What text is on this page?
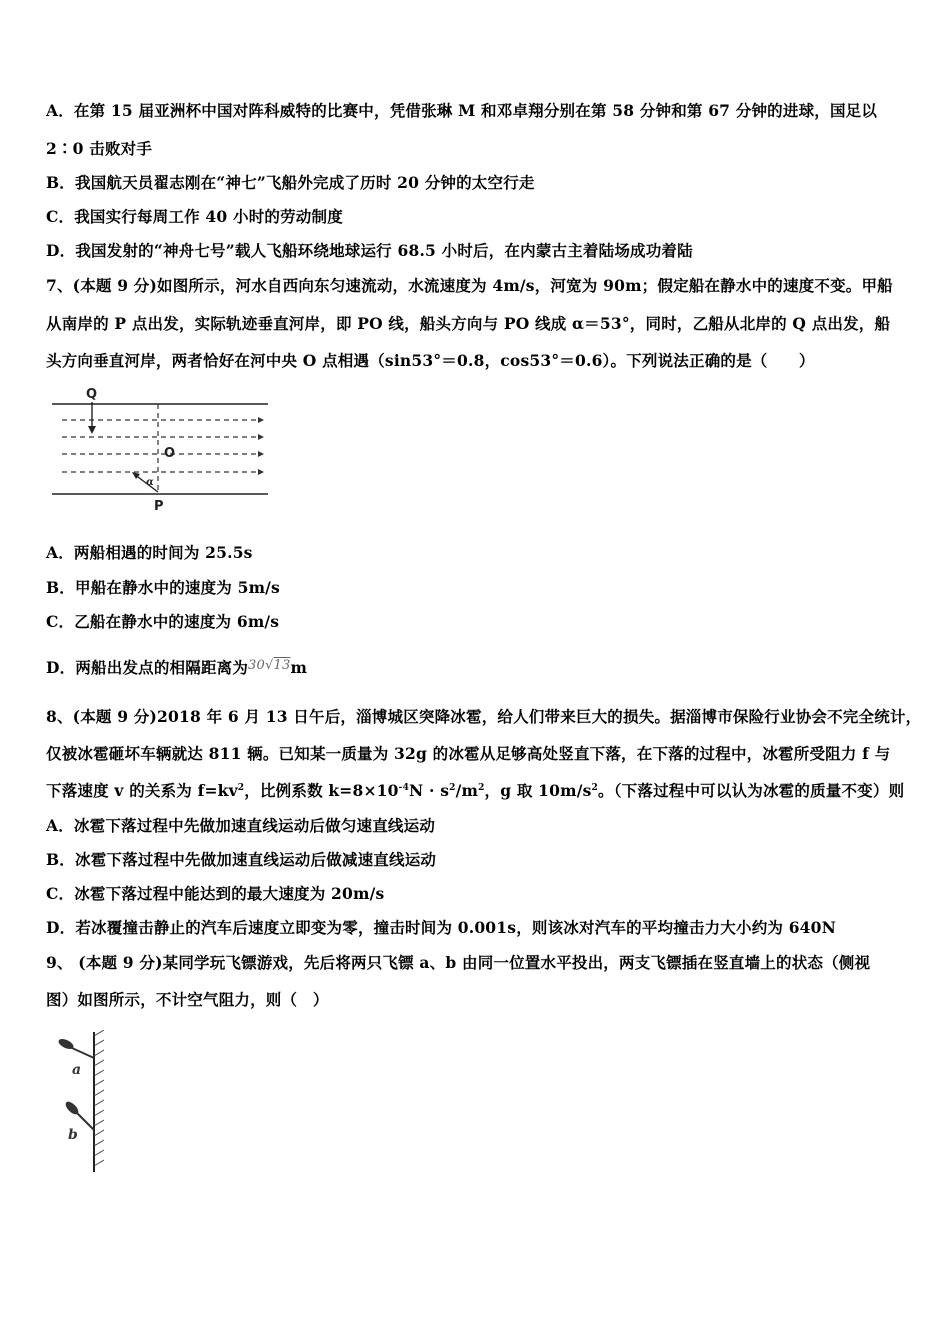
A．在第 15 届亚洲杯中国对阵科威特的比赛中，凭借张琳 M 和邓卓翔分别在第 58 分钟和第 67 分钟的进球，国足以
2∶0 击败对手
B．我国航天员翟志刚在“神七”飞船外完成了历时 20 分钟的太空行走
C．我国实行每周工作 40 小时的劳动制度
D．我国发射的“神舟七号”载人飞船环绕地球运行 68.5 小时后，在内蒙古主着陆场成功着陆
7、(本题 9 分)如图所示，河水自西向东匀速流动，水流速度为 4m/s，河宽为 90m；假定船在静水中的速度不变。甲船
从南岸的 P 点出发，实际轨迹垂直河岸，即 PO 线，船头方向与 PO 线成 α＝53°，同时，乙船从北岸的 Q 点出发，船
头方向垂直河岸，两者恰好在河中央 O 点相遇（sin53°＝0.8，cos53°＝0.6）。下列说法正确的是（　　）
Q
O
α
P
A．两船相遇的时间为 25.5s
B．甲船在静水中的速度为 5m/s
C．乙船在静水中的速度为 6m/s
D．两船出发点的相隔距离为30√13m
8、(本题 9 分)2018 年 6 月 13 日午后，淄博城区突降冰雹，给人们带来巨大的损失。据淄博市保险行业协会不完全统计，
仅被冰雹砸坏车辆就达 811 辆。已知某一质量为 32g 的冰雹从足够高处竖直下落，在下落的过程中，冰雹所受阻力 f 与
下落速度 v 的关系为 $f=kv^2$，比例系数 $k=8\times 10^{-4}N \cdot s^2/m^2$，g 取 $10m/s^2$。（下落过程中可以认为冰雹的质量不变）则
A．冰雹下落过程中先做加速直线运动后做匀速直线运动
B．冰雹下落过程中先做加速直线运动后做减速直线运动
C．冰雹下落过程中能达到的最大速度为 20m/s
D．若冰覆撞击静止的汽车后速度立即变为零，撞击时间为 0.001s，则该冰对汽车的平均撞击力大小约为 640N
9、 (本题 9 分)某同学玩飞镖游戏，先后将两只飞镖 a、b 由同一位置水平投出，两支飞镖插在竖直墙上的状态（侧视
图）如图所示，不计空气阻力，则（　）
a
b
